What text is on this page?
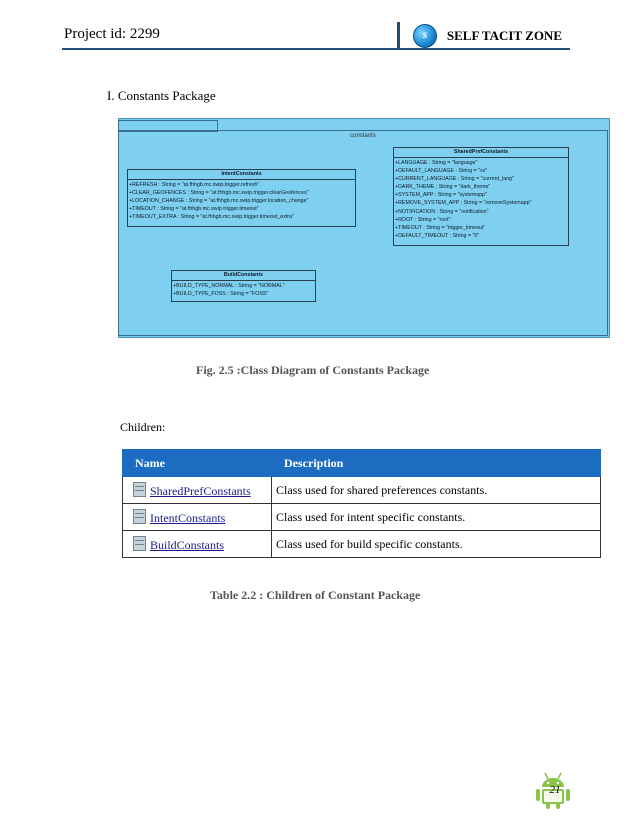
Project id: 2299	s	SELF TACIT ZONE
I. Constants Package
constants
SharedPrefConstants
+LANGUAGE : String = "language"
+DEFAULT_LANGUAGE : String = "xx"
+CURRENT_LANGUAGE : String = "current_lang"
+DARK_THEME : String = "dark_theme"
+SYSTEM_APP : String = "systemapp"
+REMOVE_SYSTEM_APP : String = "removeSystemapp"
+NOTIFICATION : String = "notification"
+ROOT : String = "root"
+TIMEOUT : String = "trigger_timeout"
+DEFAULT_TIMEOUT : String = "0"
IntentConstants
+REFRESH : String = "at.fhhgb.mc.swip.trigger.refresh"
+CLEAR_GEOFENCES : String = "at.fhhgb.mc.swip.trigger.clearGeofences"
+LOCATION_CHANGE : String = "at.fhhgb.mc.swip.trigger.location_change"
+TIMEOUT : String = "at.fhhgb.mc.swip.trigger.timeout"
+TIMEOUT_EXTRA : String = "at.fhhgb.mc.swip.trigger.timeout_extra"
BuildConstants
+BUILD_TYPE_NORMAL : String = "NORMAL"
+BUILD_TYPE_FOSS : String = "FOSS"
Fig. 2.5 :Class Diagram of Constants Package
Children:
Name	Description
SharedPrefConstants	Class used for shared preferences constants.
IntentConstants	Class used for intent specific constants.
BuildConstants	Class used for build specific constants.
Table 2.2 : Children of Constant Package
21
